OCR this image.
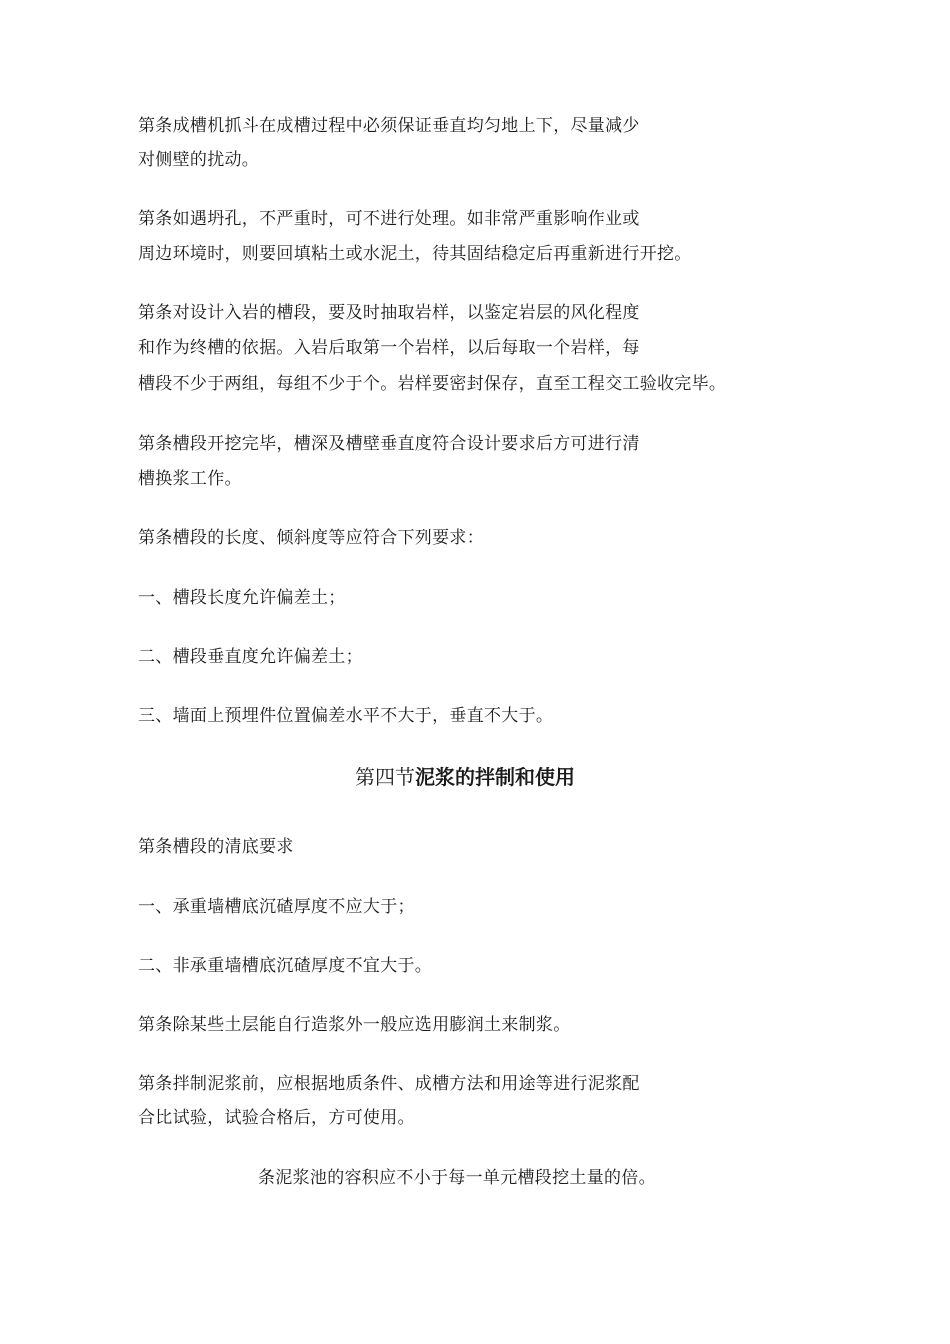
第条成槽机抓斗在成槽过程中必须保证垂直均匀地上下，尽量减少
对侧壁的扰动。
第条如遇坍孔，不严重时，可不进行处理。如非常严重影响作业或
周边环境时，则要回填粘土或水泥土，待其固结稳定后再重新进行开挖。
第条对设计入岩的槽段，要及时抽取岩样，以鉴定岩层的风化程度
和作为终槽的依据。入岩后取第一个岩样，以后每取一个岩样，每
槽段不少于两组，每组不少于个。岩样要密封保存，直至工程交工验收完毕。
第条槽段开挖完毕，槽深及槽壁垂直度符合设计要求后方可进行清
槽换浆工作。
第条槽段的长度、倾斜度等应符合下列要求：
一、槽段长度允许偏差土；
二、槽段垂直度允许偏差土；
三、墙面上预埋件位置偏差水平不大于，垂直不大于。
第四节泥浆的拌制和使用
第条槽段的清底要求
一、承重墙槽底沉碴厚度不应大于；
二、非承重墙槽底沉碴厚度不宜大于。
第条除某些土层能自行造浆外一般应选用膨润土来制浆。
第条拌制泥浆前，应根据地质条件、成槽方法和用途等进行泥浆配
合比试验，试验合格后，方可使用。
条泥浆池的容积应不小于每一单元槽段挖土量的倍。
